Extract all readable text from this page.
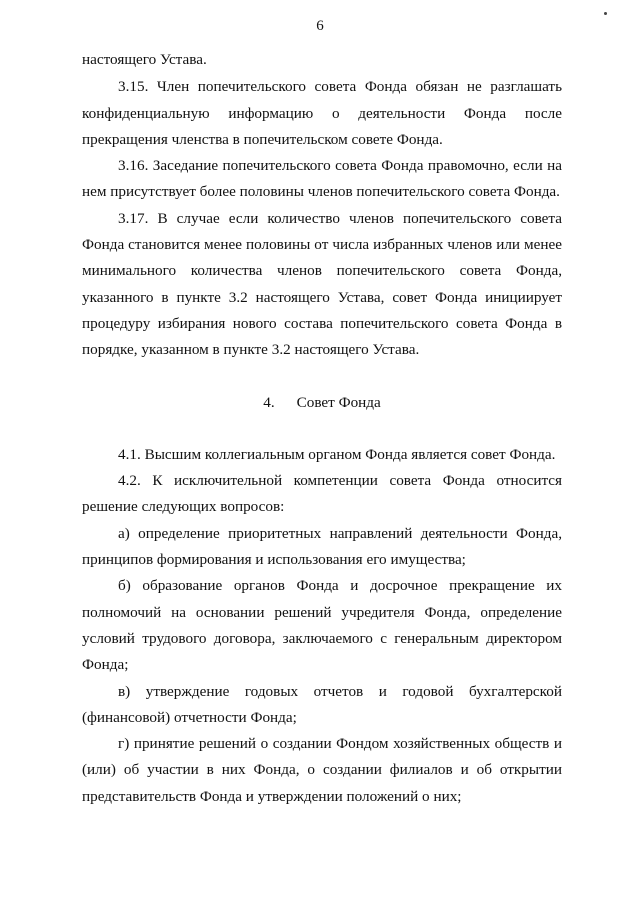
6

настоящего Устава.

3.15. Член попечительского совета Фонда обязан не разглашать конфиденциальную информацию о деятельности Фонда после прекращения членства в попечительском совете Фонда.

3.16. Заседание попечительского совета Фонда правомочно, если на нем присутствует более половины членов попечительского совета Фонда.

3.17. В случае если количество членов попечительского совета Фонда становится менее половины от числа избранных членов или менее минимального количества членов попечительского совета Фонда, указанного в пункте 3.2 настоящего Устава, совет Фонда инициирует процедуру избирания нового состава попечительского совета Фонда в порядке, указанном в пункте 3.2 настоящего Устава.

4. Совет Фонда

4.1. Высшим коллегиальным органом Фонда является совет Фонда.

4.2. К исключительной компетенции совета Фонда относится решение следующих вопросов:

а) определение приоритетных направлений деятельности Фонда, принципов формирования и использования его имущества;

б) образование органов Фонда и досрочное прекращение их полномочий на основании решений учредителя Фонда, определение условий трудового договора, заключаемого с генеральным директором Фонда;

в) утверждение годовых отчетов и годовой бухгалтерской (финансовой) отчетности Фонда;

г) принятие решений о создании Фондом хозяйственных обществ и (или) об участии в них Фонда, о создании филиалов и об открытии представительств Фонда и утверждении положений о них;
